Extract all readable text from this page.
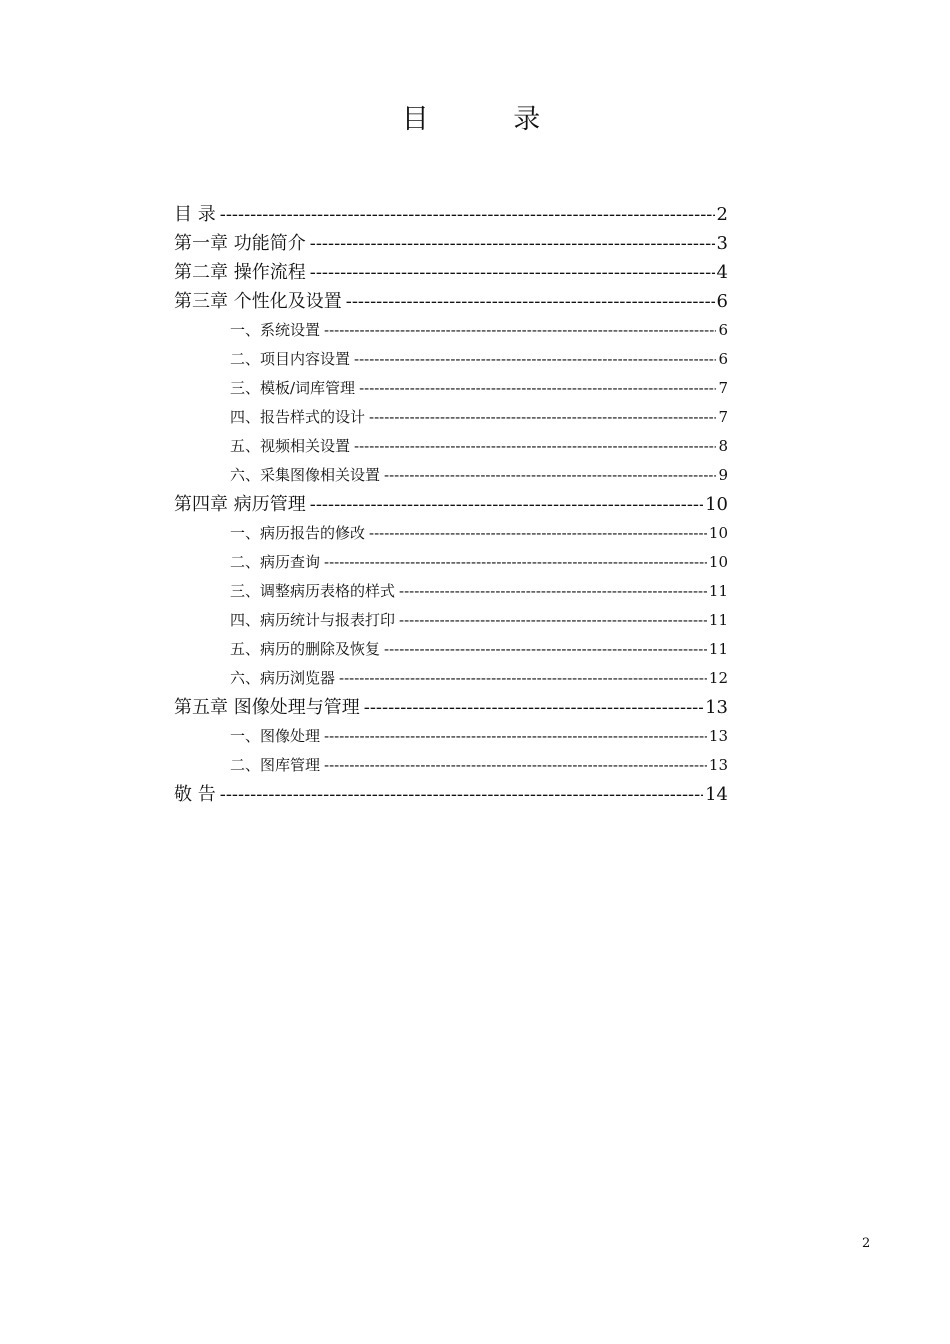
目 录
目 录 -----	2
第一章 功能简介 -----	3
第二章 操作流程 -----	4
第三章 个性化及设置 -----	6
一、系统设置 -----	6
二、项目内容设置 -----	6
三、模板/词库管理 -----	7
四、报告样式的设计 -----	7
五、视频相关设置 -----	8
六、采集图像相关设置 -----	9
第四章 病历管理 -----	10
一、病历报告的修改 -----	10
二、病历查询 -----	10
三、调整病历表格的样式 -----	11
四、病历统计与报表打印 -----	11
五、病历的删除及恢复 -----	11
六、病历浏览器 -----	12
第五章 图像处理与管理 -----	13
一、图像处理 -----	13
二、图库管理 -----	13
敬 告 -----	14
2
